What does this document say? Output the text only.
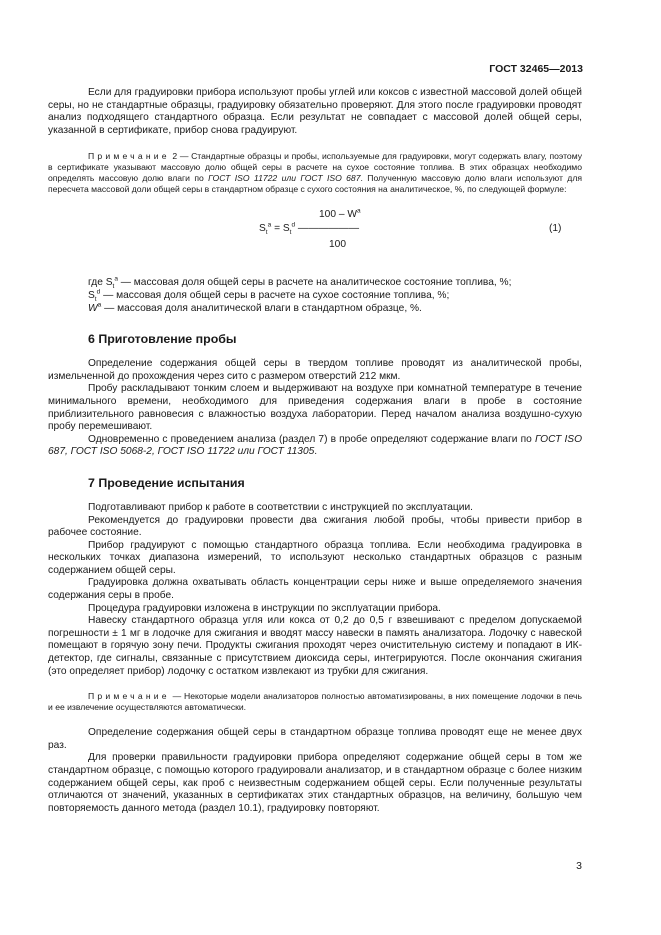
ГОСТ 32465—2013

Если для градуировки прибора используют пробы углей или коксов с известной массовой долей общей серы, но не стандартные образцы, градуировку обязательно проверяют. Для этого после градуировки проводят анализ подходящего стандартного образца. Если результат не совпадает с массовой долей общей серы, указанной в сертификате, прибор снова градуируют.

Примечание 2 — Стандартные образцы и пробы, используемые для градуировки, могут содержать влагу, поэтому в сертификате указывают массовую долю общей серы в расчете на сухое состояние топлива. В этих образцах необходимо определять массовую долю влаги по ГОСТ ISO 11722 или ГОСТ ISO 687. Полученную массовую долю влаги используют для пересчета массовой доли общей серы в стандартном образце с сухого состояния на аналитическое, %, по следующей формуле:

$100 - W^a$
$S_t^a = S_t^d$ ——————
100
(1)

где $S_t^a$ — массовая доля общей серы в расчете на аналитическое состояние топлива, %;

$S_t^d$ — массовая доля общей серы в расчете на сухое состояние топлива, %;

$W^a$ — массовая доля аналитической влаги в стандартном образце, %.

6 Приготовление пробы

Определение содержания общей серы в твердом топливе проводят из аналитической пробы, измельченной до прохождения через сито с размером отверстий 212 мкм.

Пробу раскладывают тонким слоем и выдерживают на воздухе при комнатной температуре в течение минимального времени, необходимого для приведения содержания влаги в пробе в состояние приблизительного равновесия с влажностью воздуха лаборатории. Перед началом анализа воздушно-сухую пробу перемешивают.

Одновременно с проведением анализа (раздел 7) в пробе определяют содержание влаги по ГОСТ ISO 687, ГОСТ ISO 5068-2, ГОСТ ISO 11722 или ГОСТ 11305.

7 Проведение испытания

Подготавливают прибор к работе в соответствии с инструкцией по эксплуатации.

Рекомендуется до градуировки провести два сжигания любой пробы, чтобы привести прибор в рабочее состояние.

Прибор градуируют с помощью стандартного образца топлива. Если необходима градуировка в нескольких точках диапазона измерений, то используют несколько стандартных образцов с разным содержанием общей серы.

Градуировка должна охватывать область концентрации серы ниже и выше определяемого значения содержания серы в пробе.

Процедура градуировки изложена в инструкции по эксплуатации прибора.

Навеску стандартного образца угля или кокса от 0,2 до 0,5 г взвешивают с пределом допускаемой погрешности ± 1 мг в лодочке для сжигания и вводят массу навески в память анализатора. Лодочку с навеской помещают в горячую зону печи. Продукты сжигания проходят через очистительную систему и попадают в ИК-детектор, где сигналы, связанные с присутствием диоксида серы, интегрируются. После окончания сжигания (это определяет прибор) лодочку с остатком извлекают из трубки для сжигания.

Примечание — Некоторые модели анализаторов полностью автоматизированы, в них помещение лодочки в печь и ее извлечение осуществляются автоматически.

Определение содержания общей серы в стандартном образце топлива проводят еще не менее двух раз.

Для проверки правильности градуировки прибора определяют содержание общей серы в том же стандартном образце, с помощью которого градуировали анализатор, и в стандартном образце с более низким содержанием общей серы, как проб с неизвестным содержанием общей серы. Если полученные результаты отличаются от значений, указанных в сертификатах этих стандартных образцов, на величину, большую чем повторяемость данного метода (раздел 10.1), градуировку повторяют.

3
